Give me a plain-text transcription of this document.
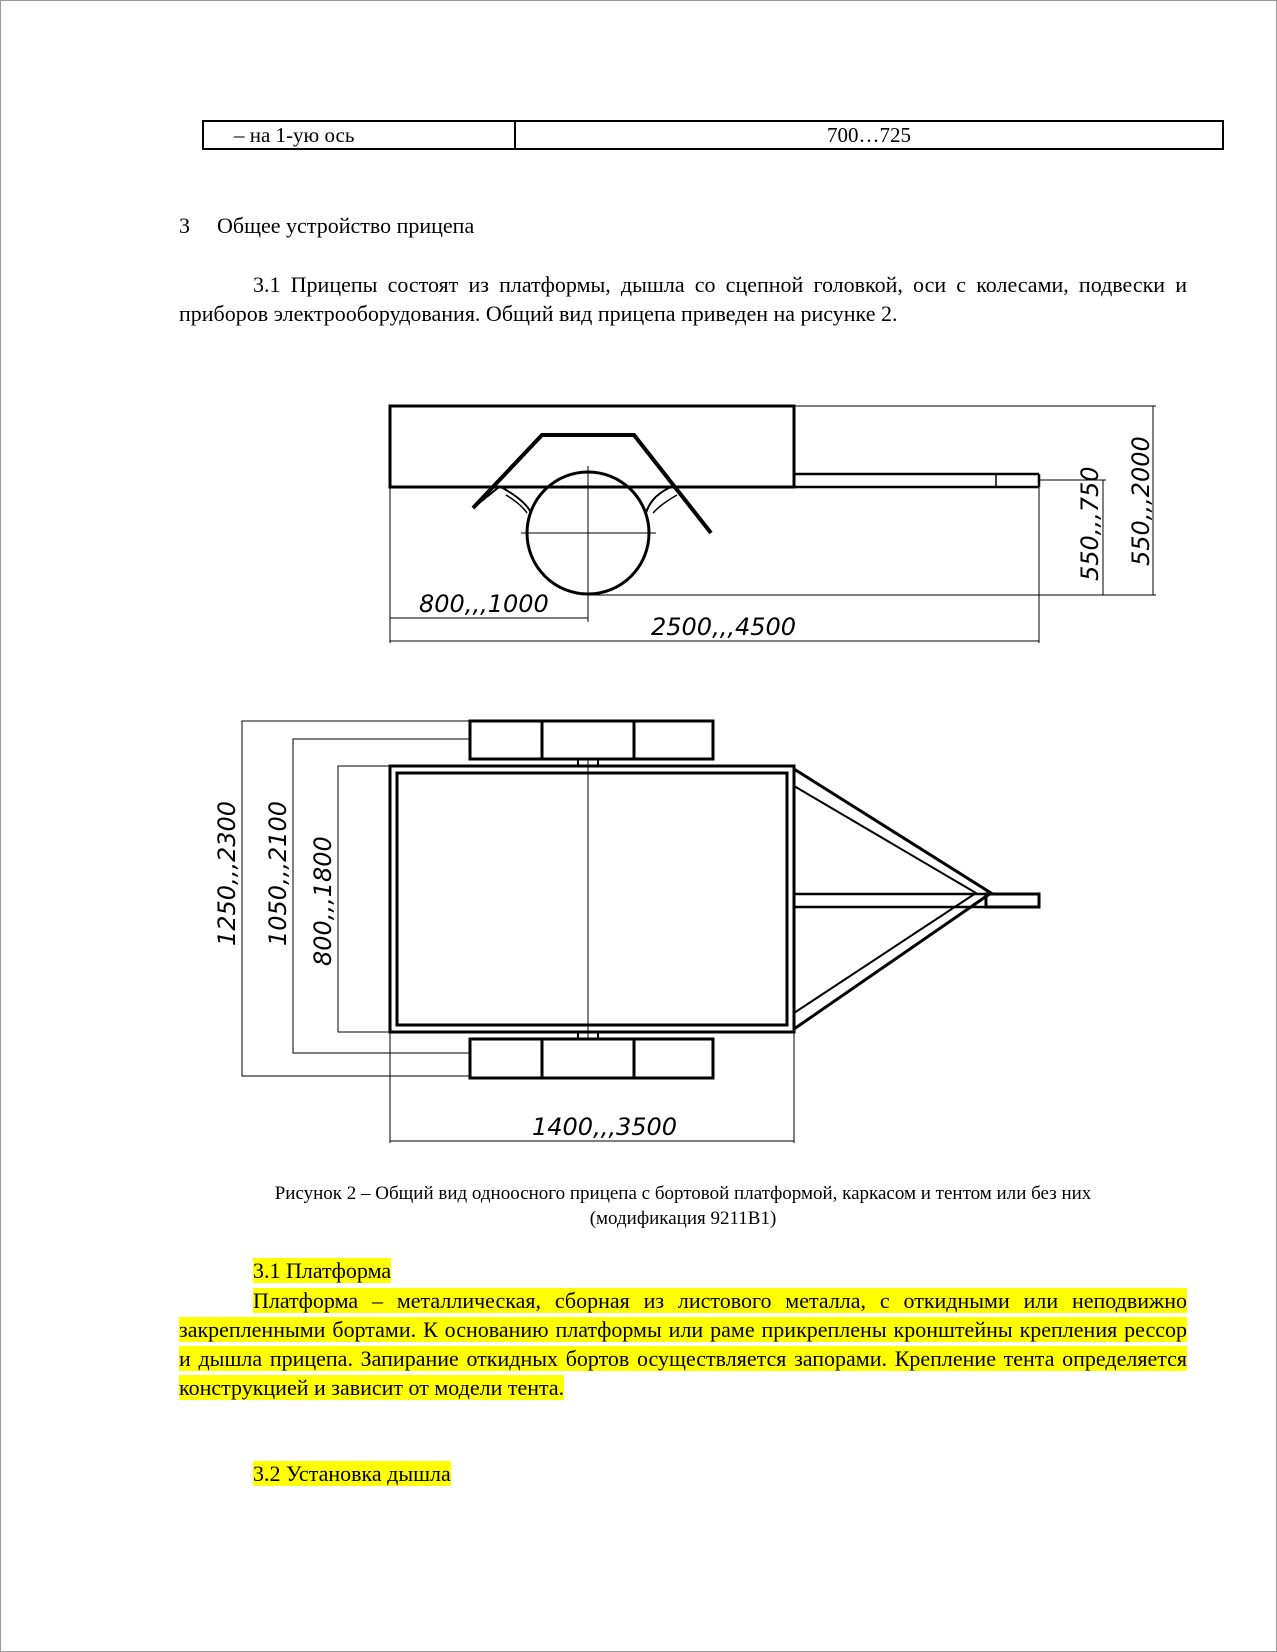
– на 1-ую ось	700…725
3 Общее устройство прицепа
3.1 Прицепы состоят из платформы, дышла со сцепной головкой, оси с колесами, подвески и приборов электрооборудования. Общий вид прицепа приведен на рисунке 2.
800,,,1000
2500,,,4500
550,,,750 550,,,2000
1250,,,2300 1050,,,2100 800,,,1800
1400,,,3500
Рисунок 2 – Общий вид одноосного прицепа с бортовой платформой, каркасом и тентом или без них
(модификация 9211В1)
3.1 Платформа
Платформа – металлическая, сборная из листового металла, с откидными или неподвижно закрепленными бортами. К основанию платформы или раме прикреплены кронштейны крепления рессор и дышла прицепа. Запирание откидных бортов осуществляется запорами. Крепление тента определяется конструкцией и зависит от модели тента.
3.2 Установка дышла
